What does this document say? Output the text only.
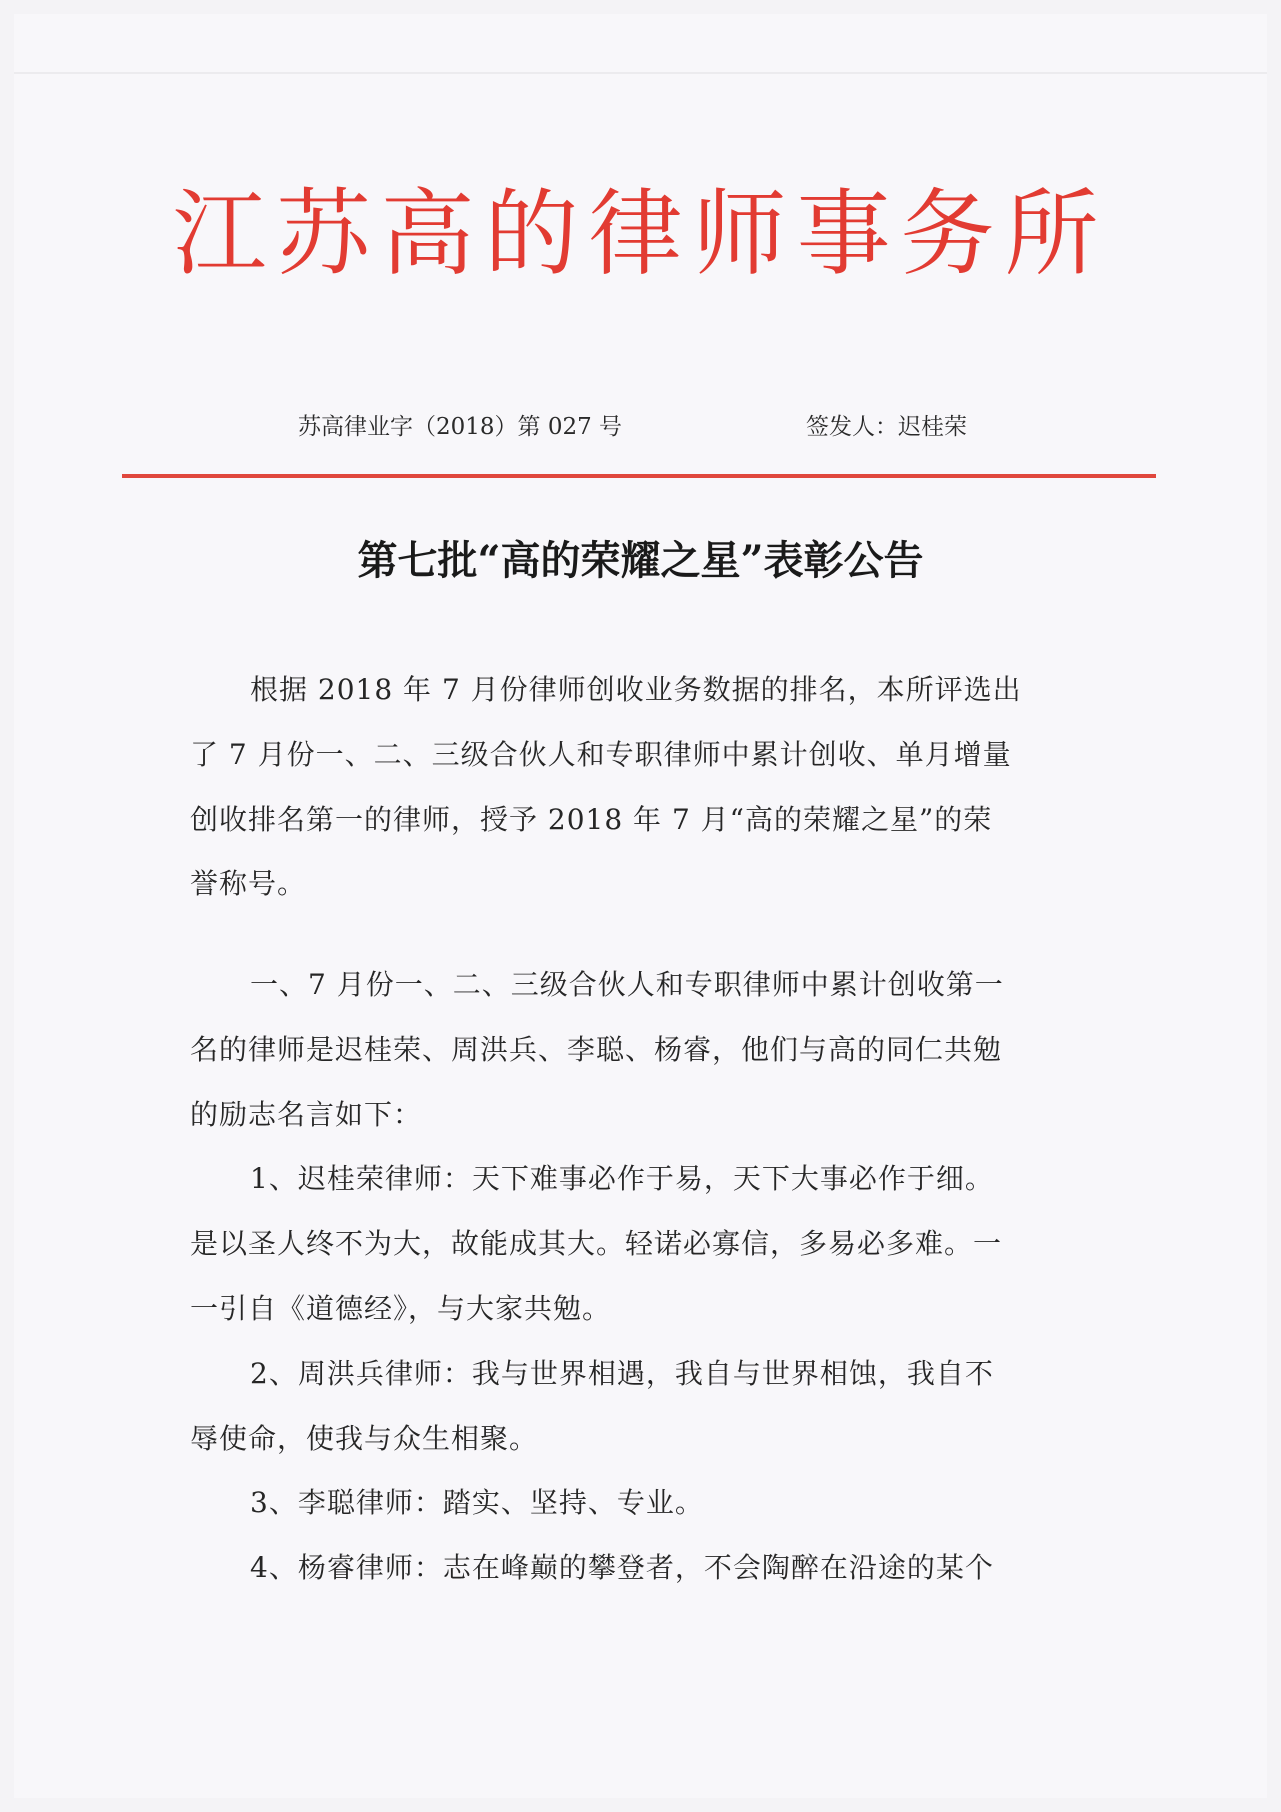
江苏高的律师事务所
苏高律业字（2018）第 027 号	签发人：迟桂荣
第七批“高的荣耀之星”表彰公告
根据 2018 年 7 月份律师创收业务数据的排名，本所评选出
了 7 月份一、二、三级合伙人和专职律师中累计创收、单月增量
创收排名第一的律师，授予 2018 年 7 月“高的荣耀之星”的荣
誉称号。
一、7 月份一、二、三级合伙人和专职律师中累计创收第一
名的律师是迟桂荣、周洪兵、李聪、杨睿，他们与高的同仁共勉
的励志名言如下：
1、迟桂荣律师：天下难事必作于易，天下大事必作于细。
是以圣人终不为大，故能成其大。轻诺必寡信，多易必多难。一
一引自《道德经》，与大家共勉。
2、周洪兵律师：我与世界相遇，我自与世界相蚀，我自不
辱使命，使我与众生相聚。
3、李聪律师：踏实、坚持、专业。
4、杨睿律师：志在峰巅的攀登者，不会陶醉在沿途的某个
